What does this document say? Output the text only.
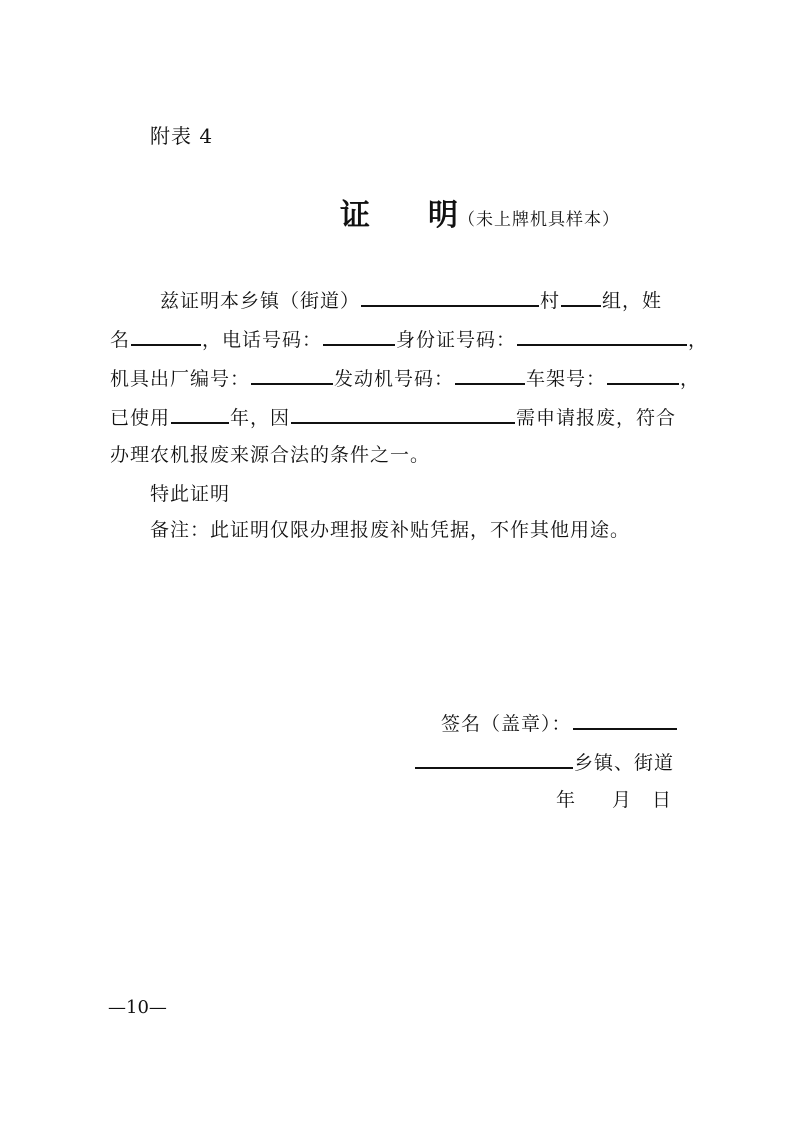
附表 4
证 明（未上牌机具样本）
兹证明本乡镇（街道）	村 组，姓
名	，电话号码：	身份证号码：	，
机具出厂编号：	发动机号码：	车架号：	，
已使用	年，因	需申请报废，符合
办理农机报废来源合法的条件之一。
特此证明
备注：此证明仅限办理报废补贴凭据，不作其他用途。
签名（盖章）：
乡镇、街道
年 月 日
—10—
